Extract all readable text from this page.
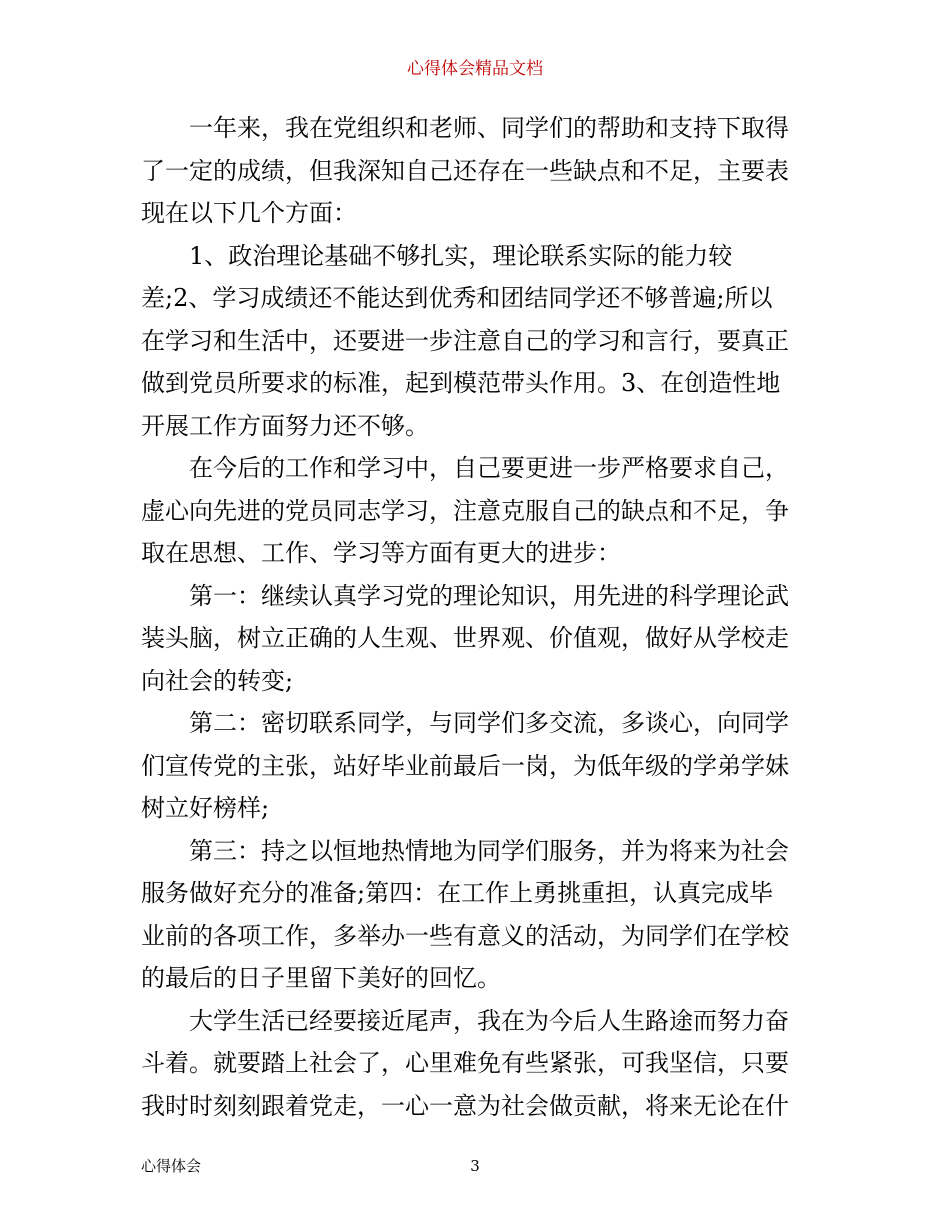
心得体会精品文档
一年来，我在党组织和老师、同学们的帮助和支持下取得
了一定的成绩，但我深知自己还存在一些缺点和不足，主要表
现在以下几个方面：
1、政治理论基础不够扎实，理论联系实际的能力较
差;2、学习成绩还不能达到优秀和团结同学还不够普遍;所以
在学习和生活中，还要进一步注意自己的学习和言行，要真正
做到党员所要求的标准，起到模范带头作用。3、在创造性地
开展工作方面努力还不够。
在今后的工作和学习中，自己要更进一步严格要求自己，
虚心向先进的党员同志学习，注意克服自己的缺点和不足，争
取在思想、工作、学习等方面有更大的进步：
第一：继续认真学习党的理论知识，用先进的科学理论武
装头脑，树立正确的人生观、世界观、价值观，做好从学校走
向社会的转变;
第二：密切联系同学，与同学们多交流，多谈心，向同学
们宣传党的主张，站好毕业前最后一岗，为低年级的学弟学妹
树立好榜样;
第三：持之以恒地热情地为同学们服务，并为将来为社会
服务做好充分的准备;第四：在工作上勇挑重担，认真完成毕
业前的各项工作，多举办一些有意义的活动，为同学们在学校
的最后的日子里留下美好的回忆。
大学生活已经要接近尾声，我在为今后人生路途而努力奋
斗着。就要踏上社会了，心里难免有些紧张，可我坚信，只要
我时时刻刻跟着党走，一心一意为社会做贡献，将来无论在什
心得体会	3
